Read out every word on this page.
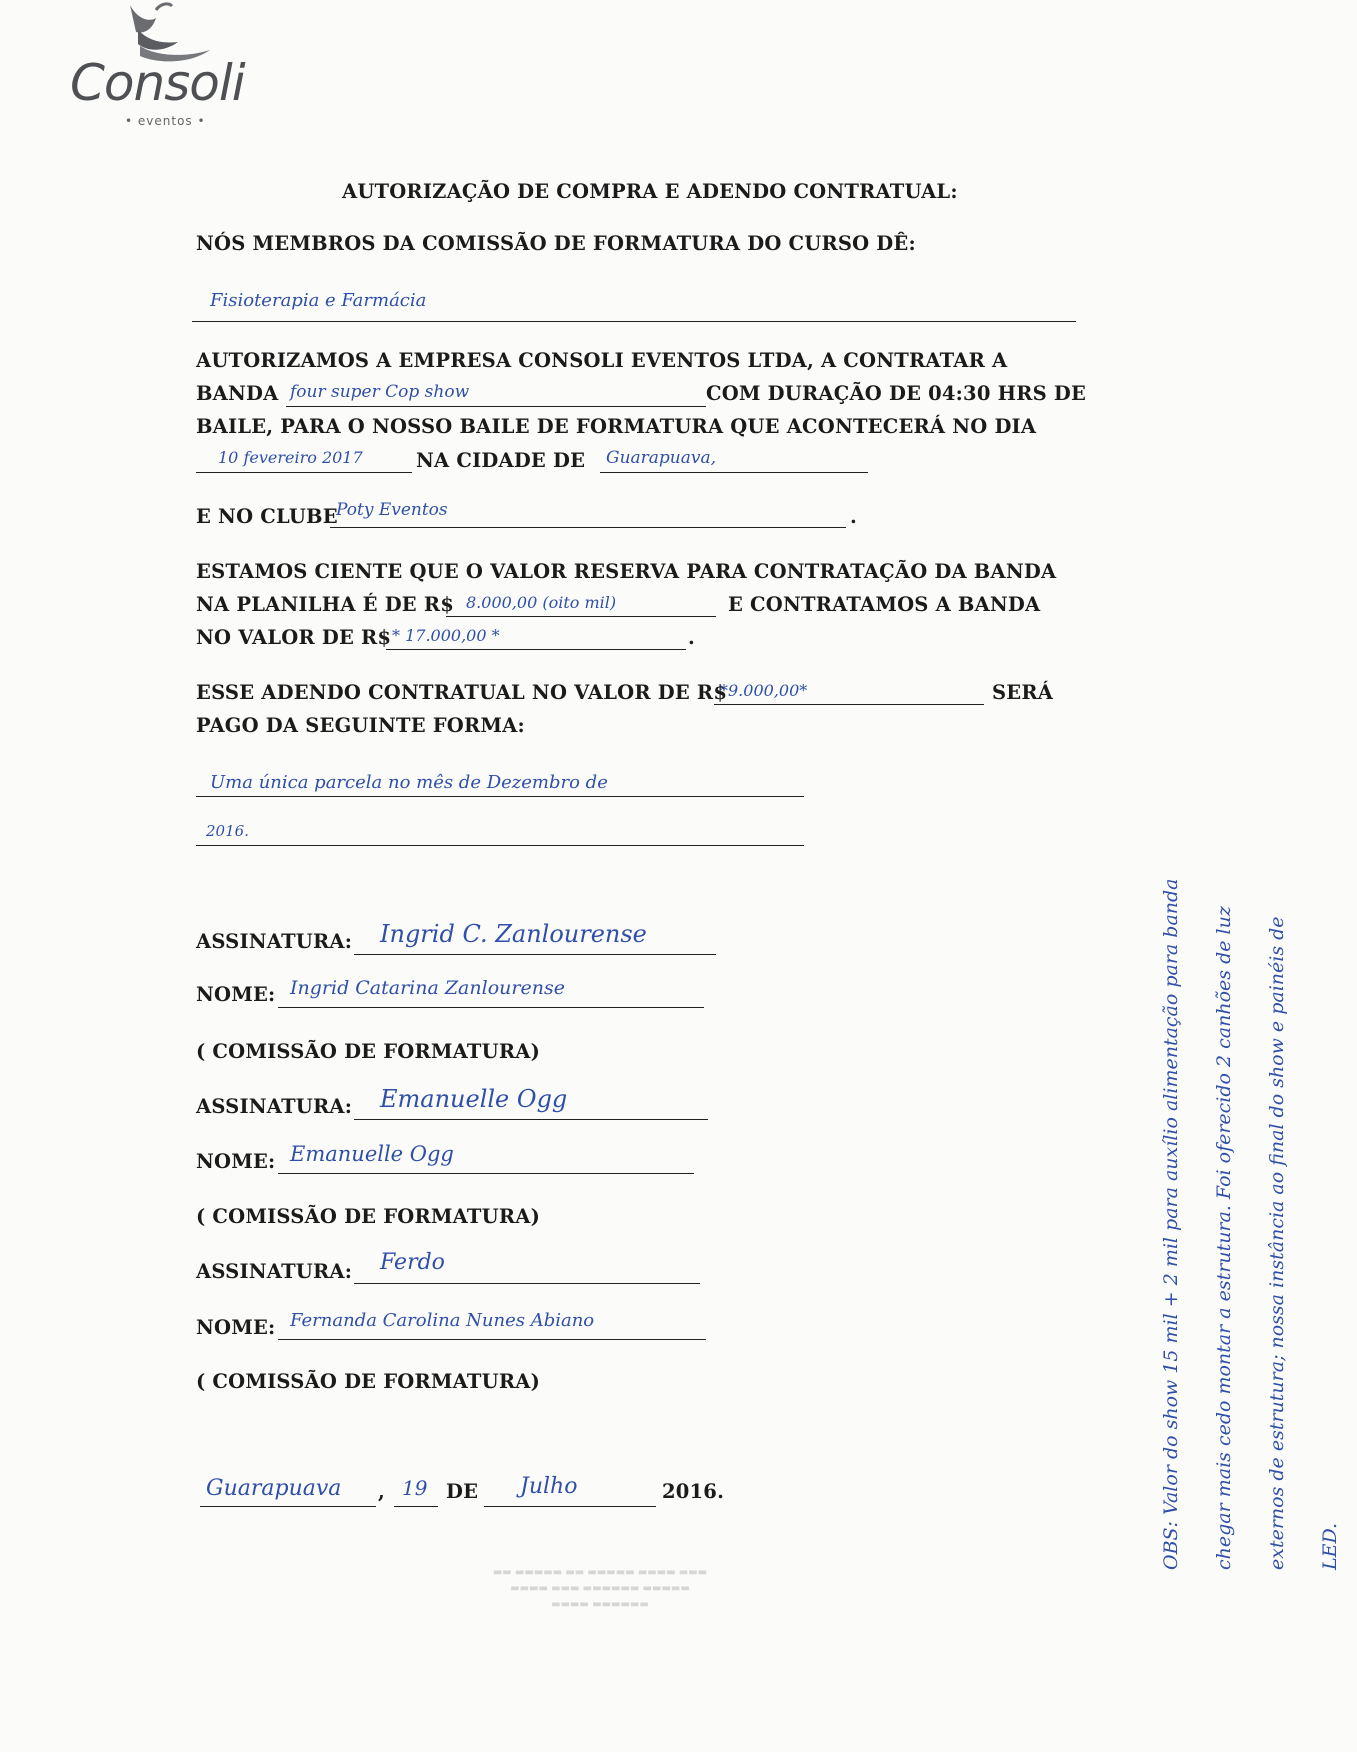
Consoli
• eventos •
AUTORIZAÇÃO DE COMPRA E ADENDO CONTRATUAL:
NÓS MEMBROS DA COMISSÃO DE FORMATURA DO CURSO DÊ:
Fisioterapia e Farmácia
AUTORIZAMOS A EMPRESA CONSOLI EVENTOS LTDA, A CONTRATAR A
BANDA four super Cop show	COM DURAÇÃO DE 04:30 HRS DE
BAILE, PARA O NOSSO BAILE DE FORMATURA QUE ACONTECERÁ NO DIA
10 fevereiro 2017	NA CIDADE DE Guarapuava,
E NO CLUBE
Poty Eventos	.
ESTAMOS CIENTE QUE O VALOR RESERVA PARA CONTRATAÇÃO DA BANDA
NA PLANILHA É DE R$ 8.000,00 (oito mil)	E CONTRATAMOS A BANDA
NO VALOR DE R$ * 17.000,00 *	.
ESSE ADENDO CONTRATUAL NO VALOR DE R$
*9.000,00*	SERÁ
PAGO DA SEGUINTE FORMA:
Uma única parcela no mês de Dezembro de
2016.
ASSINATURA: Ingrid C. Zanlourense
NOME: Ingrid Catarina Zanlourense
( COMISSÃO DE FORMATURA)
ASSINATURA: Emanuelle Ogg
NOME: Emanuelle Ogg
( COMISSÃO DE FORMATURA)
ASSINATURA: Ferdo
NOME: Fernanda Carolina Nunes Abiano
( COMISSÃO DE FORMATURA)
Guarapuava , 19 DE Julho	2016.	OBS: Valor do show 15 mil + 2 mil para auxílio alimentação para banda chegar mais cedo montar a estrutura. Foi oferecido 2 canhões de luz externos de estrutura; nossa instância ao final do show e painéis de LED.
▬▬ ▬▬▬▬▬ ▬▬ ▬▬▬▬▬ ▬▬▬▬ ▬▬▬
▬▬▬▬ ▬▬▬ ▬▬▬▬▬▬ ▬▬▬▬▬
▬▬▬▬ ▬▬▬▬▬▬
